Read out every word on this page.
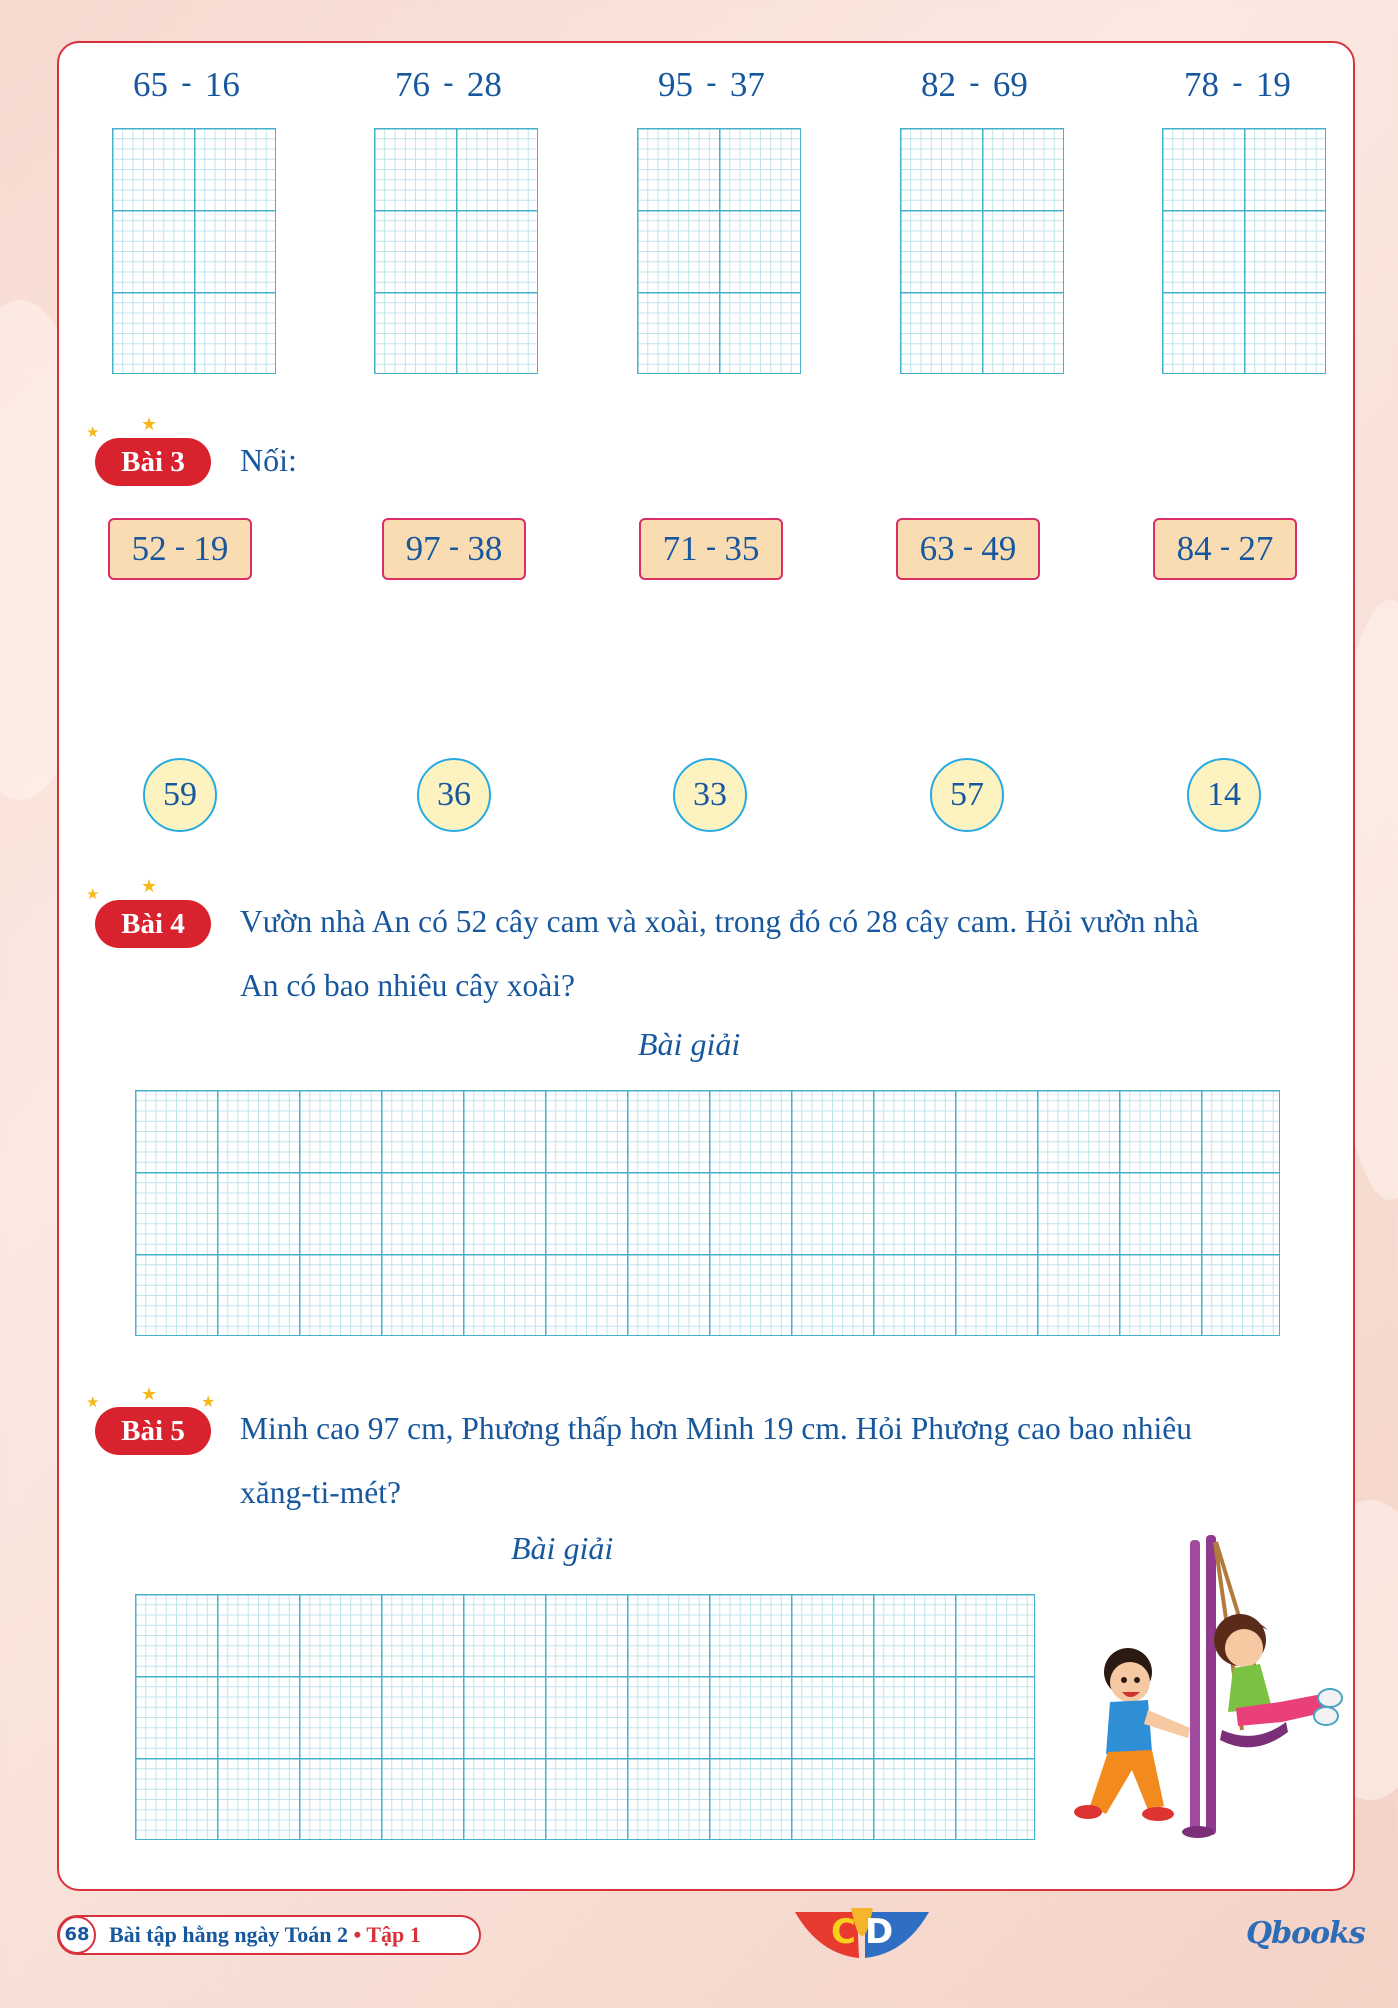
65 - 16	76 - 28	95 - 37	82 - 69	78 - 19
★ ★
Bài 3	Nối:
52 - 19	97 - 38	71 - 35	63 - 49	84 - 27
59	36	33	57	14
★ ★
Bài 4	Vườn nhà An có 52 cây cam và xoài, trong đó có 28 cây cam. Hỏi vườn nhà
An có bao nhiêu cây xoài?
Bài giải
★ ★	★
Bài 5	Minh cao 97 cm, Phương thấp hơn Minh 19 cm. Hỏi Phương cao bao nhiêu
xăng-ti-mét?
Bài giải
68 Bài tập hằng ngày Toán 2 • Tập 1	C D	Qbooks
